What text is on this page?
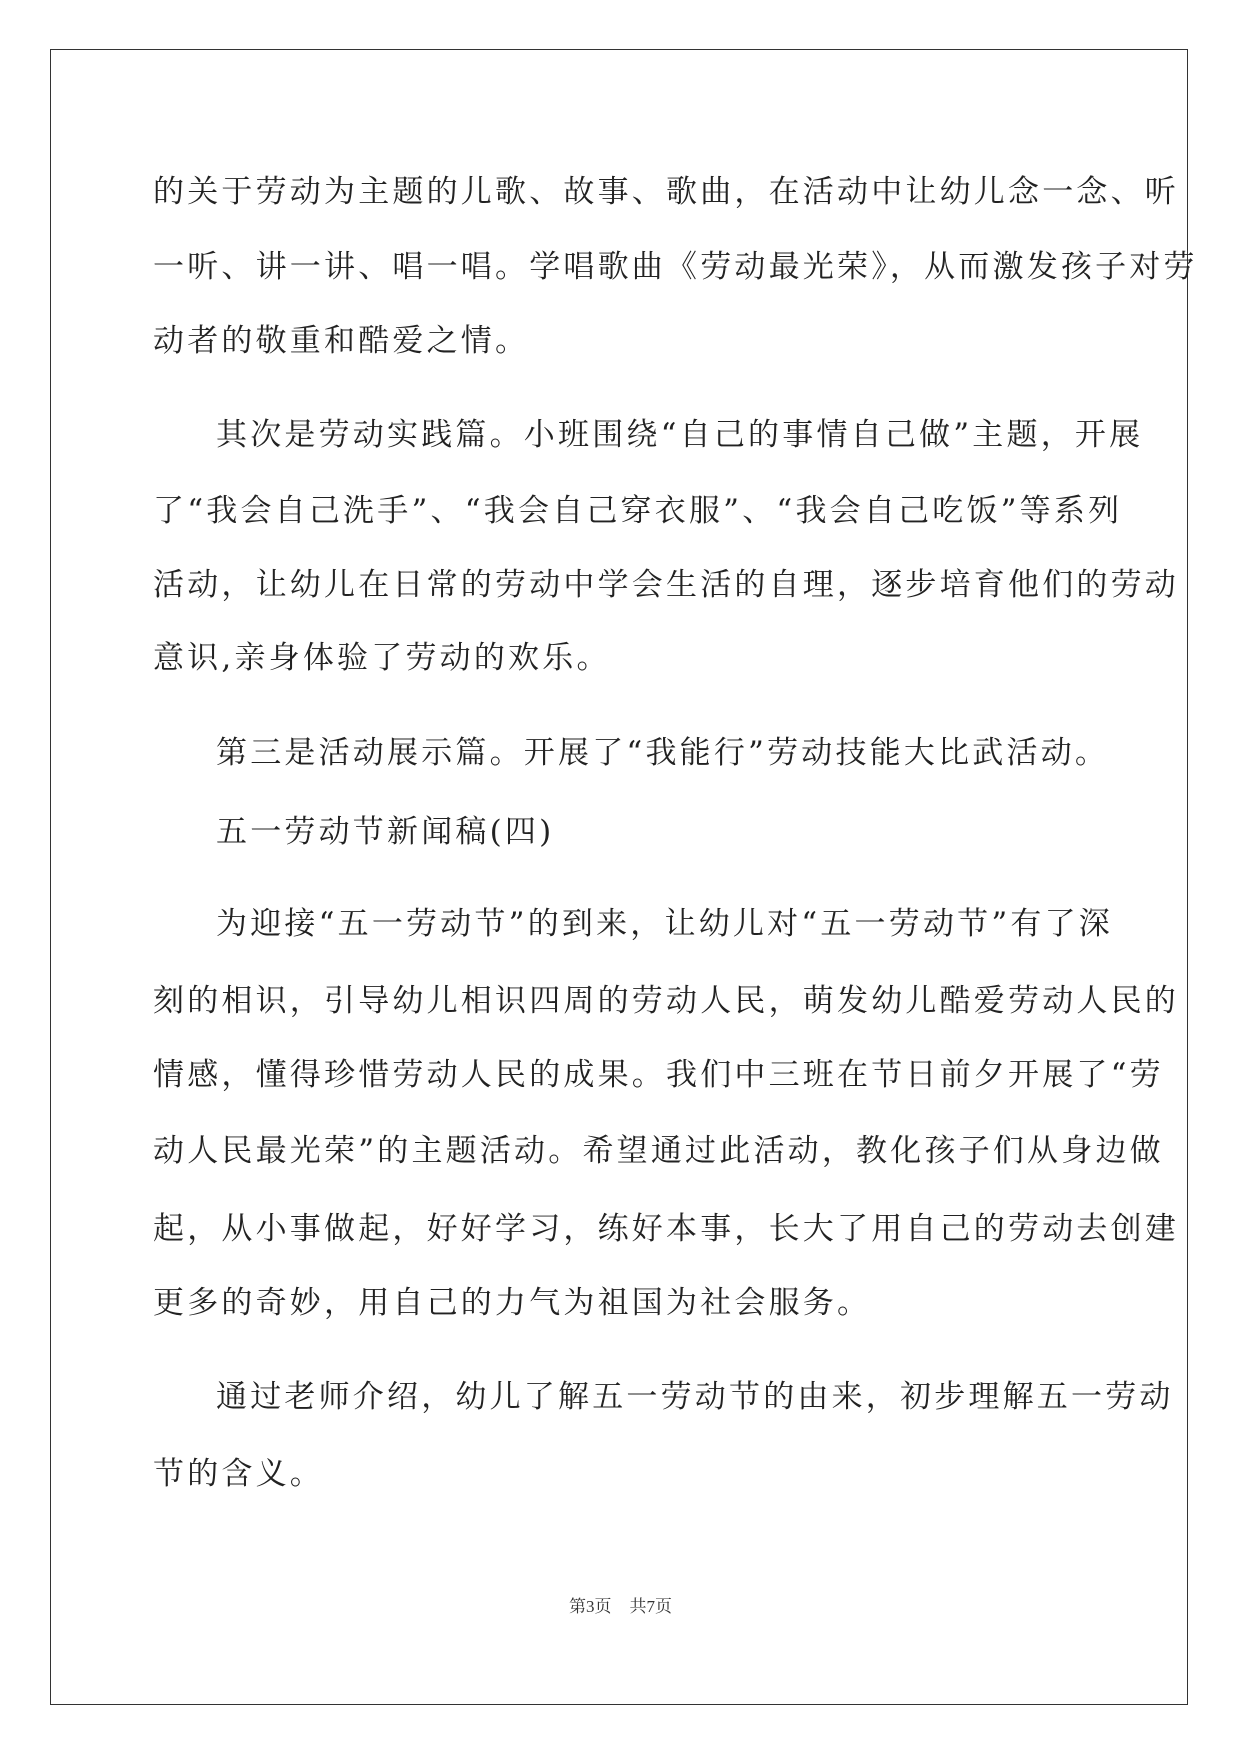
的关于劳动为主题的儿歌、故事、歌曲，在活动中让幼儿念一念、听

一听、讲一讲、唱一唱。学唱歌曲《劳动最光荣》，从而激发孩子对劳

动者的敬重和酷爱之情。

其次是劳动实践篇。小班围绕“自己的事情自己做”主题，开展

了“我会自己洗手”、“我会自己穿衣服”、“我会自己吃饭”等系列

活动，让幼儿在日常的劳动中学会生活的自理，逐步培育他们的劳动

意识,亲身体验了劳动的欢乐。

第三是活动展示篇。开展了“我能行”劳动技能大比武活动。

五一劳动节新闻稿(四)

为迎接“五一劳动节”的到来，让幼儿对“五一劳动节”有了深

刻的相识，引导幼儿相识四周的劳动人民，萌发幼儿酷爱劳动人民的

情感，懂得珍惜劳动人民的成果。我们中三班在节日前夕开展了“劳

动人民最光荣”的主题活动。希望通过此活动，教化孩子们从身边做

起，从小事做起，好好学习，练好本事，长大了用自己的劳动去创建

更多的奇妙，用自己的力气为祖国为社会服务。

通过老师介绍，幼儿了解五一劳动节的由来，初步理解五一劳动

节的含义。

第3页 共7页
